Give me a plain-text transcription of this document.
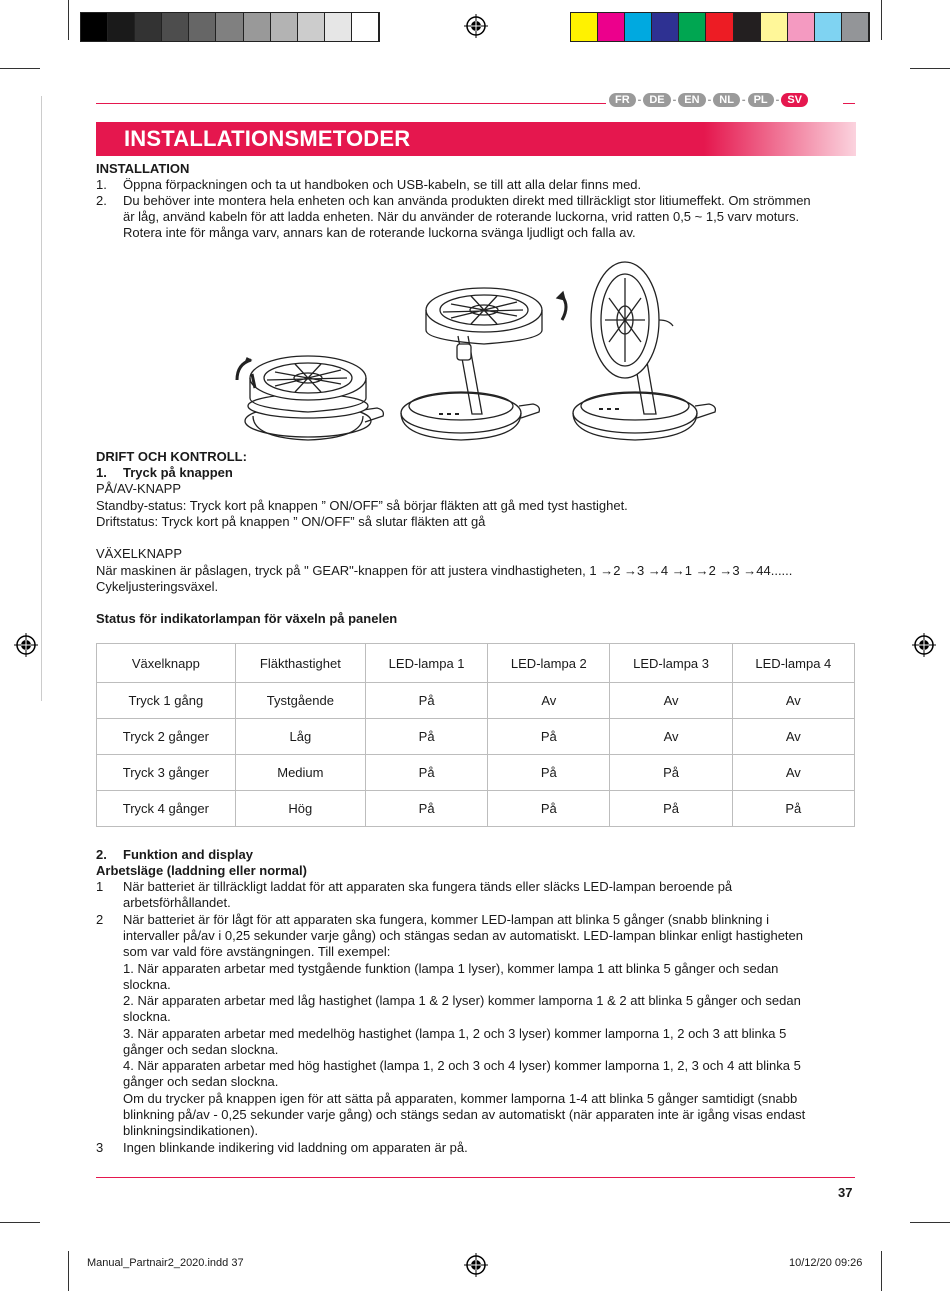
FR - DE - EN - NL - PL - SV
INSTALLATIONSMETODER
INSTALLATION
1. Öppna förpackningen och ta ut handboken och USB-kabeln, se till att alla delar finns med.
2. Du behöver inte montera hela enheten och kan använda produkten direkt med tillräckligt stor litiumeffekt. Om strömmen
är låg, använd kabeln för att ladda enheten. När du använder de roterande luckorna, vrid ratten 0,5 ~ 1,5 varv moturs.
Rotera inte för många varv, annars kan de roterande luckorna svänga ljudligt och falla av.
DRIFT OCH KONTROLL:
1. Tryck på knappen
PÅ/AV-KNAPP
Standby-status: Tryck kort på knappen ” ON/OFF” så börjar fläkten att gå med tyst hastighet.
Driftstatus: Tryck kort på knappen ” ON/OFF” så slutar fläkten att gå
VÄXELKNAPP
När maskinen är påslagen, tryck på " GEAR"-knappen för att justera vindhastigheten, 1 →2 →3 →4 →1 →2 →3 →44......
Cykeljusteringsväxel.
Status för indikatorlampan för växeln på panelen
Växelknapp	Fläkthastighet	LED-lampa 1	LED-lampa 2	LED-lampa 3	LED-lampa 4
Tryck 1 gång	Tystgående	På	Av	Av	Av
Tryck 2 gånger	Låg	På	På	Av	Av
Tryck 3 gånger	Medium	På	På	På	Av
Tryck 4 gånger	Hög	På	På	På	På
2. Funktion and display
Arbetsläge (laddning eller normal)
1 När batteriet är tillräckligt laddat för att apparaten ska fungera tänds eller släcks LED-lampan beroende på
arbetsförhållandet.
2 När batteriet är för lågt för att apparaten ska fungera, kommer LED-lampan att blinka 5 gånger (snabb blinkning i
intervaller på/av i 0,25 sekunder varje gång) och stängas sedan av automatiskt. LED-lampan blinkar enligt hastigheten
som var vald före avstängningen. Till exempel:
1. När apparaten arbetar med tystgående funktion (lampa 1 lyser), kommer lampa 1 att blinka 5 gånger och sedan
slockna.
2. När apparaten arbetar med låg hastighet (lampa 1 & 2 lyser) kommer lamporna 1 & 2 att blinka 5 gånger och sedan
slockna.
3. När apparaten arbetar med medelhög hastighet (lampa 1, 2 och 3 lyser) kommer lamporna 1, 2 och 3 att blinka 5
gånger och sedan slockna.
4. När apparaten arbetar med hög hastighet (lampa 1, 2 och 3 och 4 lyser) kommer lamporna 1, 2, 3 och 4 att blinka 5
gånger och sedan slockna.
Om du trycker på knappen igen för att sätta på apparaten, kommer lamporna 1-4 att blinka 5 gånger samtidigt (snabb
blinkning på/av - 0,25 sekunder varje gång) och stängs sedan av automatiskt (när apparaten inte är igång visas endast
blinkningsindikationen).
3 Ingen blinkande indikering vid laddning om apparaten är på.
37
Manual_Partnair2_2020.indd 37	10/12/20 09:26
